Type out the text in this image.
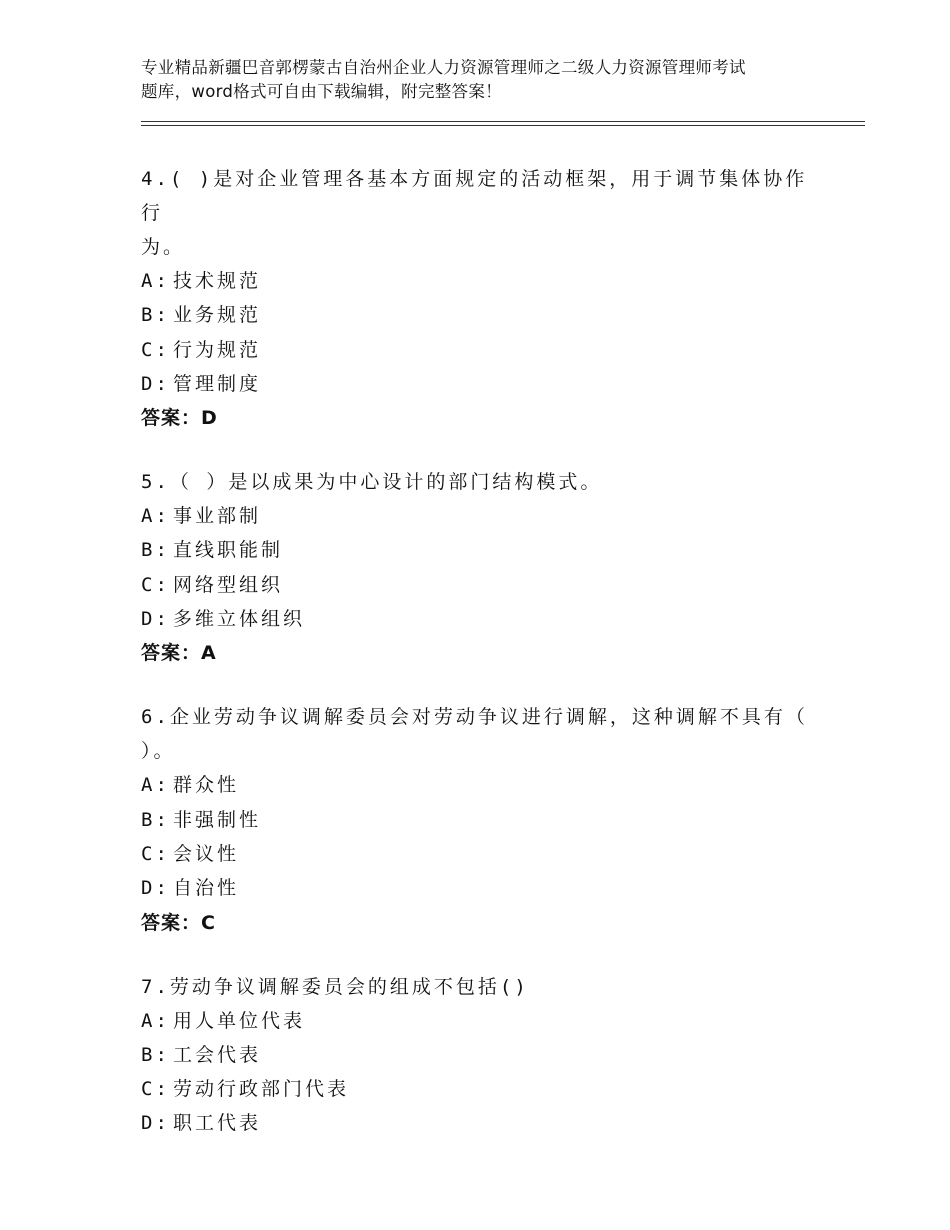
专业精品新疆巴音郭楞蒙古自治州企业人力资源管理师之二级人力资源管理师考试
题库，word格式可自由下载编辑，附完整答案！
4.( )是对企业管理各基本方面规定的活动框架，用于调节集体协作行
为。
A: 技术规范
B: 业务规范
C: 行为规范
D: 管理制度
答案：D
5.（ ）是以成果为中心设计的部门结构模式。
A: 事业部制
B: 直线职能制
C: 网络型组织
D: 多维立体组织
答案：A
6.企业劳动争议调解委员会对劳动争议进行调解，这种调解不具有（
）。
A: 群众性
B: 非强制性
C: 会议性
D: 自治性
答案：C
7.劳动争议调解委员会的组成不包括()
A: 用人单位代表
B: 工会代表
C: 劳动行政部门代表
D: 职工代表
